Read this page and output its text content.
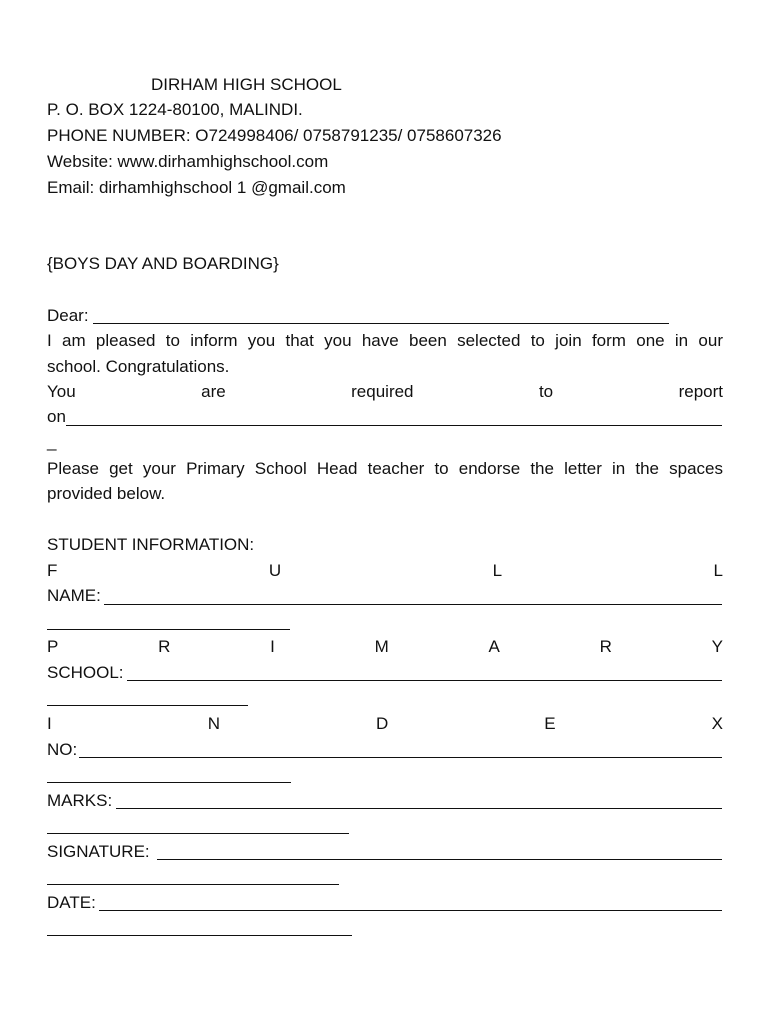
DIRHAM HIGH SCHOOL
P. O. BOX 1224-80100, MALINDI.
PHONE NUMBER: O724998406/ 0758791235/ 0758607326
Website: www.dirhamhighschool.com
Email: dirhamhighschool 1 @gmail.com
{BOYS DAY AND BOARDING}
Dear:
I am pleased to inform you that you have been selected to join form one in our
school. Congratulations.
You	are	required	to	report
on
_
Please get your Primary School Head teacher to endorse the letter in the spaces
provided below.
STUDENT INFORMATION:
F	U	L	L
NAME:
P	R	I	M	A	R	Y
SCHOOL:
I	N	D	E	X
NO:
MARKS:
SIGNATURE:
DATE:
